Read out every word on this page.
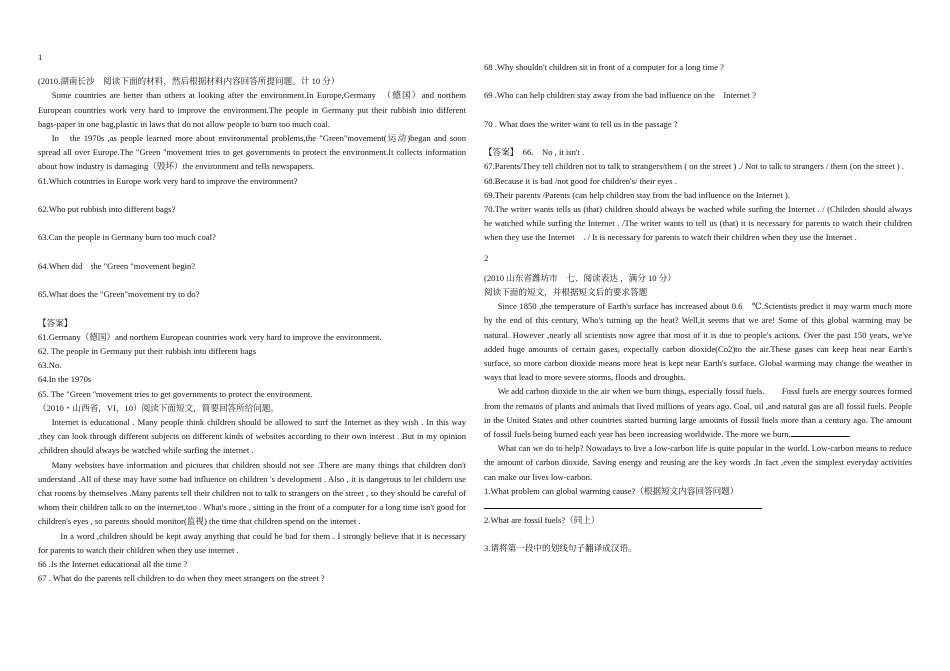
1

(2010.湖南长沙　阅读下面的材料，然后根据材料内容回答所提问题。计 10 分）

Some countries are better than others at looking after the environment.In Europe,Germany　（德国）and northem European countries work very hard to improve the environment.The people in Germany put their rubbish into different bags-paper in one bag,plastic in laws that do not allow people to burn too much coal.

In　the 1970s ,as people learned more about environmental problems,the "Green"movement(运动)began and soon spread all over Europe.The "Green ''movement tries to get governments to protect the environment.It collects information about how industry is damaging（毁坏）the environment and tells newspapers.

61.Which countries in Europe work very hard to improve the environment?

62.Who put rubbish into different bags?

63.Can the people in Germany burn too much coal?

64.When did　the "Green "movement begin?

65.What does the "Green"movement try to do?

【答案】

61.Germany（德国）and northem European countries work very hard to improve the environment.

62. The people in Germany put their rubbish into different bags

63.No.

64.In the 1970s

65. The "Green ''movement tries to get governments to protect the environment.

（2010・山西省，VI，10）阅读下面短文，简要回答所给问题。

Internet is educational . Many people think children should be allowed to surf the Internet as they wish . In this way ,they can look through different subjects on different kinds of websites according to their own interest . But in my opinion ,children should always be watched while surfing the internet .

Many websites have information and pictures that children should not see .There are many things that children don't understand .All of these may have some bad influence on children 's development . Also , it is dangerous to let childern use chat rooms by themselves .Many parents tell their children not to talk to strangers on the street , so they should be careful of whom their children talk to on the internet,too . What's more , sitting in the front of a computer for a long time isn't good for children's eyes , so parents should monitor(监视) the time that children spend on the internet .

In a word ,children should be kept away anything that could be bad for them . I strongly believe that it is necessary for parents to watch their children when they use internet .

66 .Is the Internet educational all the time ?

67 . What do the parents tell children to do when they meet strangers on the street ?

68 .Why shouldn't children sit in front of a computer for a long time ?

69 .Who can help children stay away from the bad influence on the　Internet ?

70 . What does the writer want to tell us in the passage ?

【答案】　66.　No , it isn't .

67.Parents/They tell children not to talk to strangers/them ( on the street ) ./ Not to talk to strangers / them (on the street ) .

68.Because it is bad /not good for children's/ their eyes .

69.Their parents /Parents (can help children stay from the bad influence on the Internet ).

70.The writer wants tells us (that) children should always be wached while surfing the Internet . / (Chilrden should always be watched while surfing the Internet . /The writer wants to tell us (that) it is necessary for parents to watch their children when they use the Internet　. / It is necessary for parents to watch their children when they use the Internet .

2

(2010 山东省潍坊市　七、阅读表达 ，满分 10 分）

阅读下面的短文，并根据短文后的要求答题

Since 1850 ,the temperature of Earth's surface has increased about 0.6　℃.Scientists predict it may warm much more by the end of this century, Who's turning up the heat? Well,it seems that we are! Some of this global warming may be natural. However ,nearly all scientists now agree that most of it is due to people's actions. Over the past 150 years, we've added huge amounts of certain gases, expecially carbon dioxide(Co2)to the air.These gases can keep heat near Earth's　surface, so more carbon dioxide means more heat is kept near Earth's surface. Global warming may change the weather in ways that lead to more severe storms, floods and droughts.

We add carbon dioxide to the air when we burn things, especially fossil fuels.　　Fossl fuels are energy sources formed from the remains of plants and animals that lived millions of years ago. Coal, oil ,and natural gas are all fossil fuels. People in the United States and other countries started burning large amounts of fossil fuels more than a century ago. The amount of fossil fuels being burned each year has been increasing worldwide. The more we burn,	.

What can we do to help? Nowadays to live a low-carbon life is quite popular in the world. Low-carbon means to reduce the amount of carbon dioxide. Saving energy and reusing are the key words .In fact ,even the simplest everyday activities can make our lives low-carbon.

1.What problem can global warming cause?（根据短文内容回答问题）

2.What are fossil fuels?（同上）

3.请将第一段中的划线句子翻译成汉语。
